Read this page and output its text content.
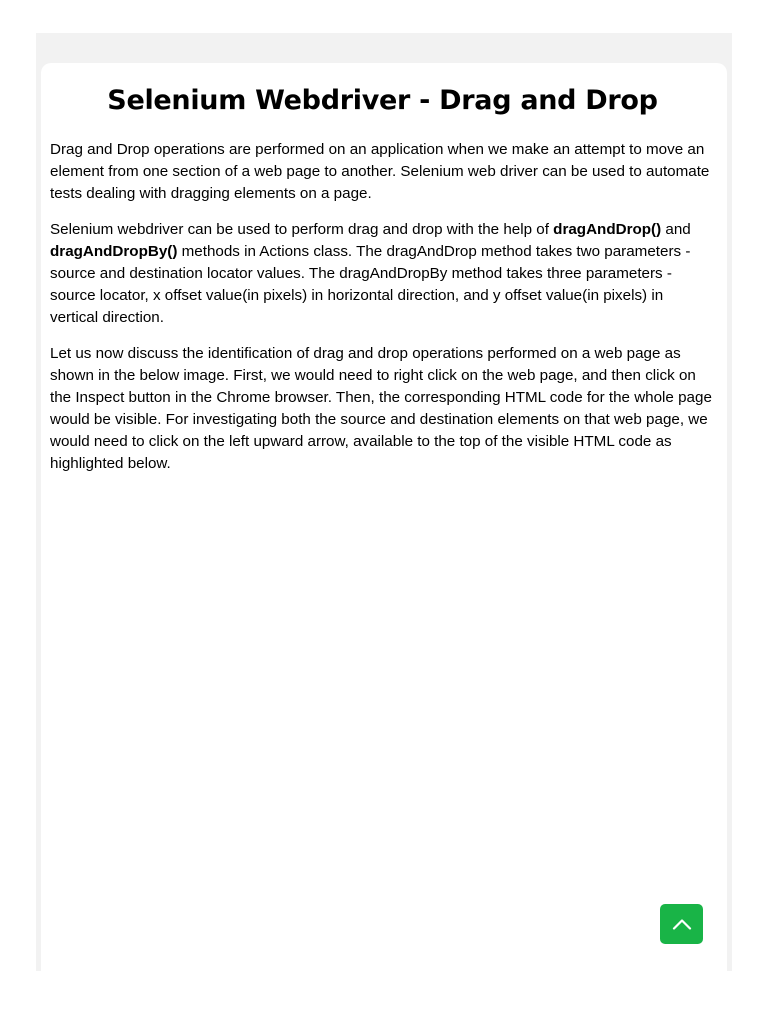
Selenium Webdriver - Drag and Drop

Drag and Drop operations are performed on an application when we make an attempt to move an element from one section of a web page to another. Selenium web driver can be used to automate tests dealing with dragging elements on a page.

Selenium webdriver can be used to perform drag and drop with the help of dragAndDrop() and dragAndDropBy() methods in Actions class. The dragAndDrop method takes two parameters - source and destination locator values. The dragAndDropBy method takes three parameters - source locator, x offset value(in pixels) in horizontal direction, and y offset value(in pixels) in vertical direction.

Let us now discuss the identification of drag and drop operations performed on a web page as shown in the below image. First, we would need to right click on the web page, and then click on the Inspect button in the Chrome browser. Then, the corresponding HTML code for the whole page would be visible. For investigating both the source and destination elements on that web page, we would need to click on the left upward arrow, available to the top of the visible HTML code as highlighted below.
